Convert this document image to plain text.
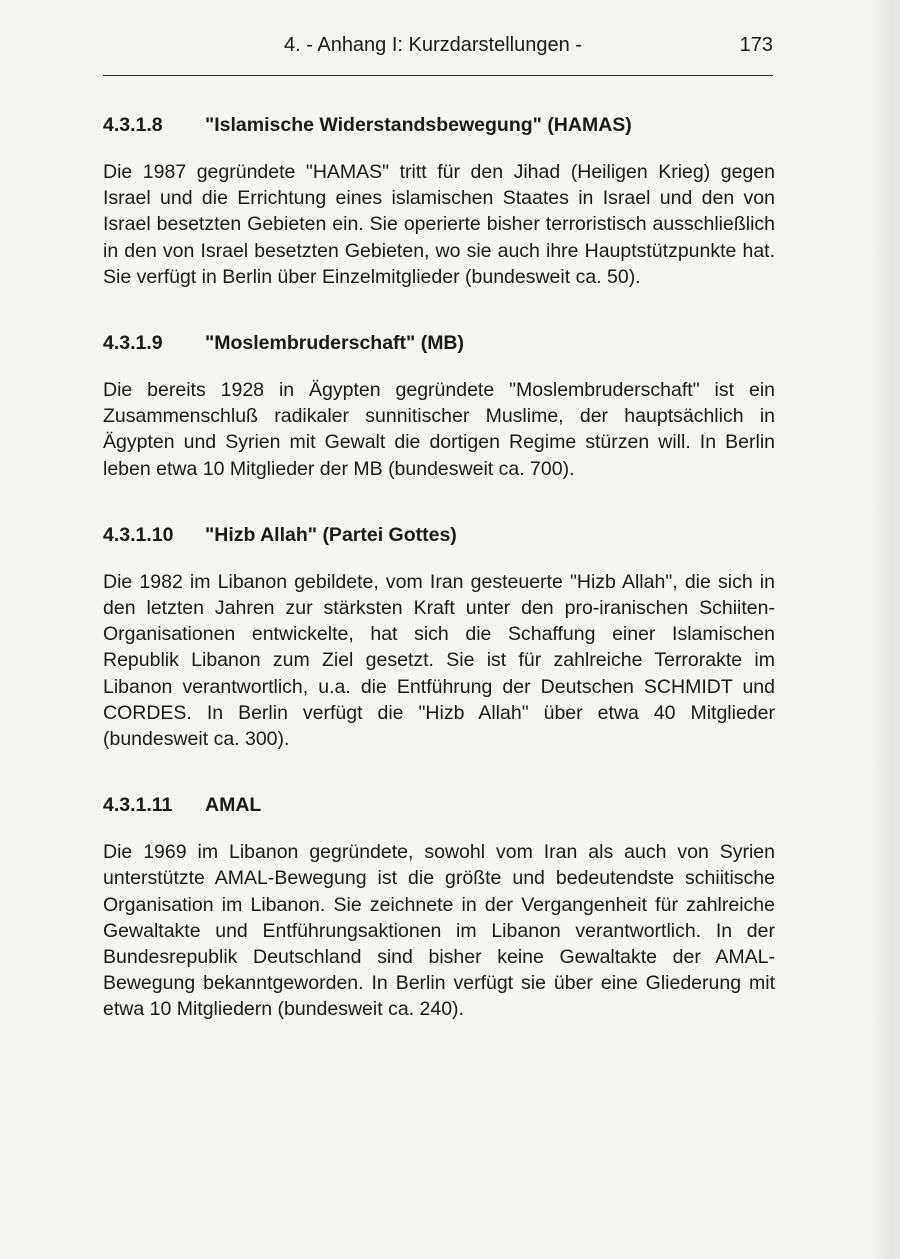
4. - Anhang I: Kurzdarstellungen -	173
4.3.1.8 "Islamische Widerstandsbewegung" (HAMAS)

Die 1987 gegründete "HAMAS" tritt für den Jihad (Heiligen Krieg) gegen Israel und die Errichtung eines islamischen Staates in Israel und den von Israel besetzten Gebieten ein. Sie operierte bisher terroristisch ausschließlich in den von Israel besetzten Gebieten, wo sie auch ihre Hauptstützpunkte hat. Sie verfügt in Berlin über Einzelmitglieder (bundesweit ca. 50).

4.3.1.9 "Moslembruderschaft" (MB)

Die bereits 1928 in Ägypten gegründete "Moslembruderschaft" ist ein Zusammenschluß radikaler sunnitischer Muslime, der hauptsächlich in Ägypten und Syrien mit Gewalt die dortigen Regime stürzen will. In Berlin leben etwa 10 Mitglieder der MB (bundesweit ca. 700).

4.3.1.10 "Hizb Allah" (Partei Gottes)

Die 1982 im Libanon gebildete, vom Iran gesteuerte "Hizb Allah", die sich in den letzten Jahren zur stärksten Kraft unter den pro-iranischen Schiiten-Organisationen entwickelte, hat sich die Schaffung einer Islamischen Republik Libanon zum Ziel gesetzt. Sie ist für zahlreiche Terrorakte im Libanon verantwortlich, u.a. die Entführung der Deutschen SCHMIDT und CORDES. In Berlin verfügt die "Hizb Allah" über etwa 40 Mitglieder (bundesweit ca. 300).

4.3.1.11 AMAL

Die 1969 im Libanon gegründete, sowohl vom Iran als auch von Syrien unterstützte AMAL-Bewegung ist die größte und bedeutendste schiitische Organisation im Libanon. Sie zeichnete in der Vergangenheit für zahlreiche Gewaltakte und Entführungsaktionen im Libanon verantwortlich. In der Bundesrepublik Deutschland sind bisher keine Gewaltakte der AMAL-Bewegung bekanntgeworden. In Berlin verfügt sie über eine Gliederung mit etwa 10 Mitgliedern (bundesweit ca. 240).
